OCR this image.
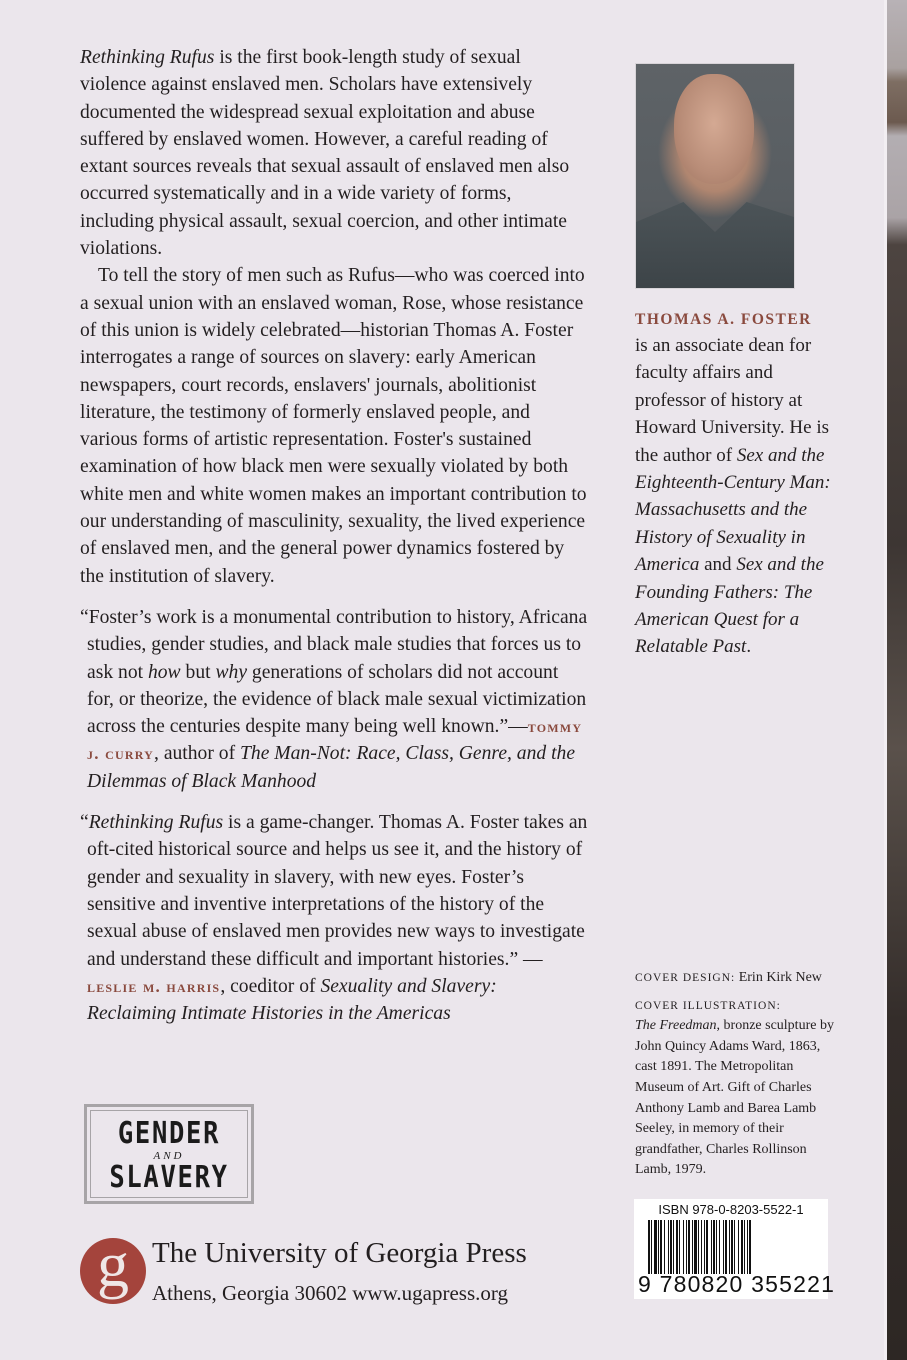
Rethinking Rufus is the first book-length study of sexual violence against enslaved men. Scholars have extensively documented the widespread sexual exploitation and abuse suffered by enslaved women. However, a careful reading of extant sources reveals that sexual assault of enslaved men also occurred systematically and in a wide variety of forms, including physical assault, sexual coercion, and other intimate violations.

To tell the story of men such as Rufus—who was coerced into a sexual union with an enslaved woman, Rose, whose resistance of this union is widely celebrated—historian Thomas A. Foster interrogates a range of sources on slavery: early American newspapers, court records, enslavers' journals, abolitionist literature, the testimony of formerly enslaved people, and various forms of artistic representation. Foster's sustained examination of how black men were sexually violated by both white men and white women makes an important contribution to our understanding of masculinity, sexuality, the lived experience of enslaved men, and the general power dynamics fostered by the institution of slavery.

“Foster’s work is a monumental contribution to history, Africana studies, gender studies, and black male studies that forces us to ask not how but why generations of scholars did not account for, or theorize, the evidence of black male sexual victimization across the centuries despite many being well known.”—tommy j. curry, author of The Man-Not: Race, Class, Genre, and the Dilemmas of Black Manhood

“Rethinking Rufus is a game-changer. Thomas A. Foster takes an oft-cited historical source and helps us see it, and the history of gender and sexuality in slavery, with new eyes. Foster’s sensitive and inventive interpretations of the history of the sexual abuse of enslaved men provides new ways to investigate and understand these difficult and important histories.” —leslie m. harris, coeditor of Sexuality and Slavery: Reclaiming Intimate Histories in the Americas

THOMAS A. FOSTER
is an associate dean for faculty affairs and professor of history at Howard University. He is the author of Sex and the Eighteenth-Century Man: Massachusetts and the History of Sexuality in America and Sex and the Founding Fathers: The American Quest for a Relatable Past.

COVER DESIGN: Erin Kirk New

COVER ILLUSTRATION:
The Freedman, bronze sculpture by John Quincy Adams Ward, 1863, cast 1891. The Metropolitan Museum of Art. Gift of Charles Anthony Lamb and Barea Lamb Seeley, in memory of their grandfather, Charles Rollinson Lamb, 1979.

ISBN 978-0-8203-5522-1
9 780820 355221
GENDER
AND
SLAVERY
g The University of Georgia Press
Athens, Georgia 30602 www.ugapress.org
